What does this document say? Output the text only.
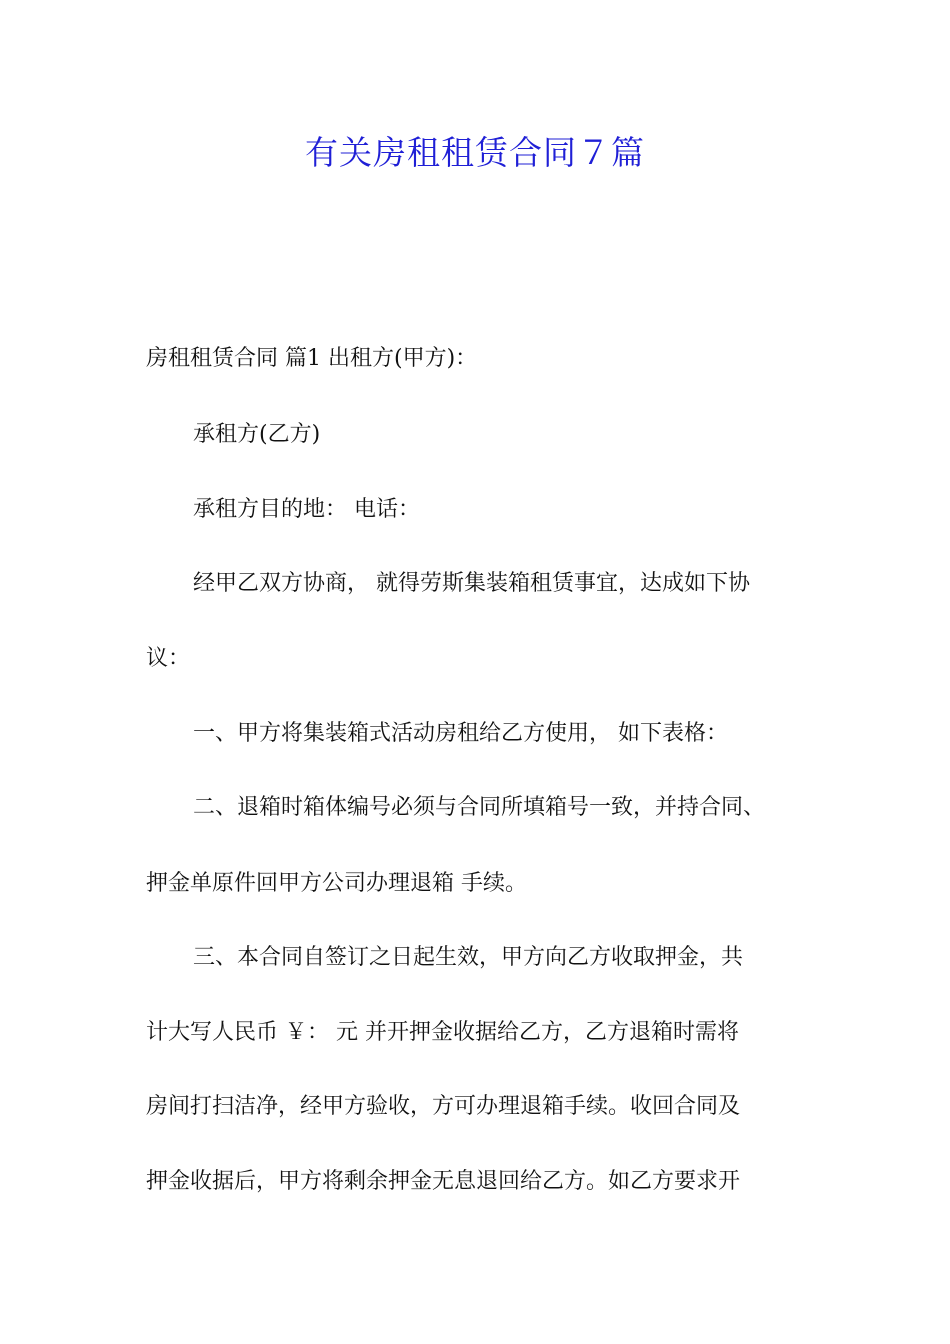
有关房租租赁合同７篇
房租租赁合同 篇1 出租方(甲方)：
承租方(乙方)
承租方目的地： 电话：
经甲乙双方协商， 就得劳斯集装箱租赁事宜，达成如下协
议：
一、甲方将集装箱式活动房租给乙方使用， 如下表格：
二、退箱时箱体编号必须与合同所填箱号一致，并持合同、
押金单原件回甲方公司办理退箱 手续。
三、本合同自签订之日起生效，甲方向乙方收取押金，共
计大写人民币 ￥： 元 并开押金收据给乙方，乙方退箱时需将
房间打扫洁净，经甲方验收，方可办理退箱手续。收回合同及
押金收据后，甲方将剩余押金无息退回给乙方。如乙方要求开
